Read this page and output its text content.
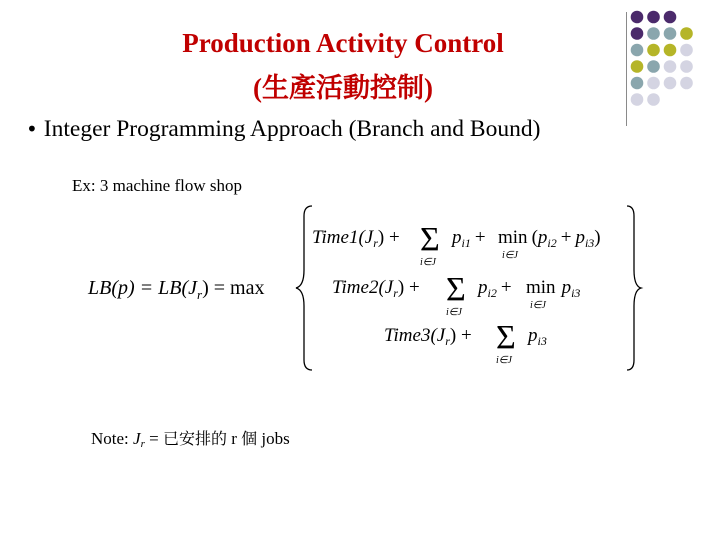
Production Activity Control
(生產活動控制)
• Integer Programming Approach (Branch and Bound)
Ex: 3 machine flow shop
$LB(p) = LB(J_r) = \max$
$Time1(J_r) + \Sigma$
i∈J
$p_{i1} + \min (p_{i2} + p_{i3})$
i∈J
$Time2(J_r) + \Sigma$
i∈J
$p_{i2} + \min p_{i3}$
i∈J
$Time3(J_r) + \Sigma$
i∈J
$p_{i3}$
Note: $J_r$ = 已安排的 r 個 jobs
